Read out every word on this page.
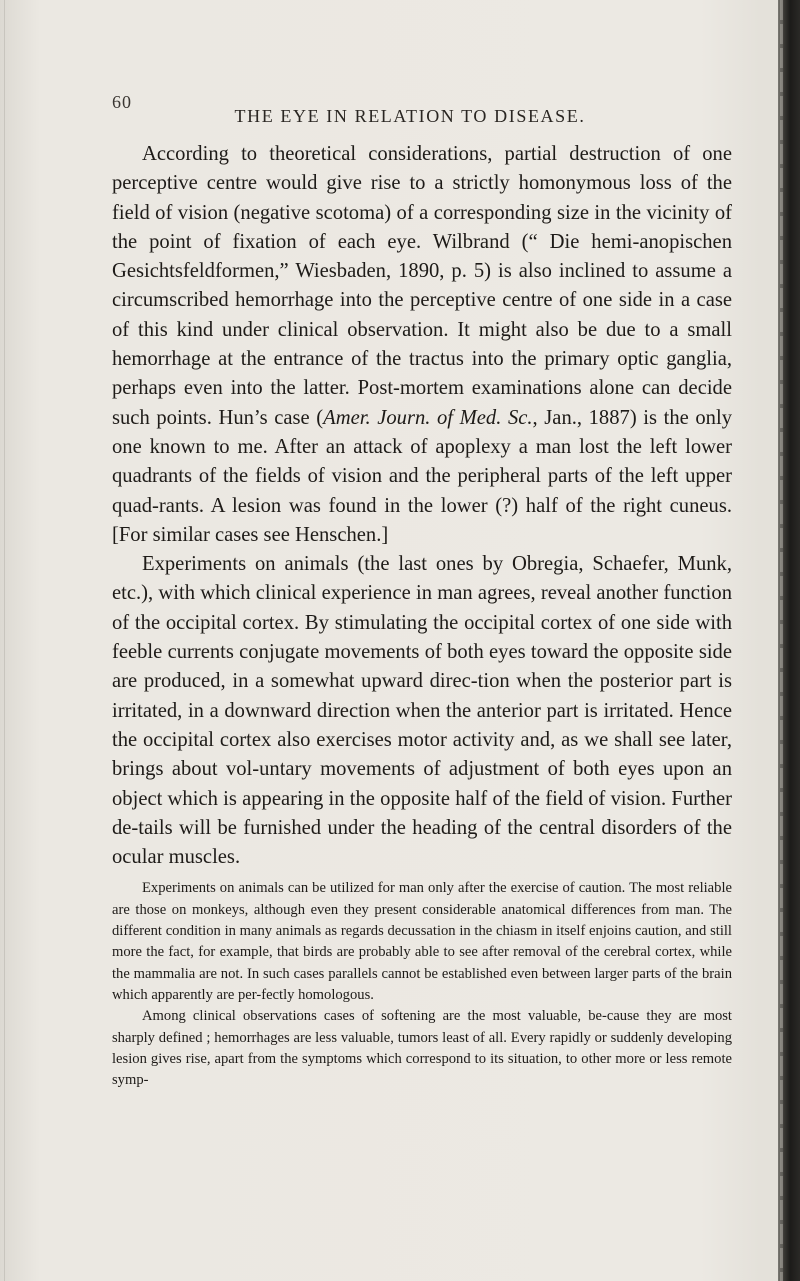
60
THE EYE IN RELATION TO DISEASE.

According to theoretical considerations, partial destruction of one perceptive centre would give rise to a strictly homonymous loss of the field of vision (negative scotoma) of a corresponding size in the vicinity of the point of fixation of each eye. Wilbrand (“ Die hemi-anopischen Gesichtsfeldformen,” Wiesbaden, 1890, p. 5) is also inclined to assume a circumscribed hemorrhage into the perceptive centre of one side in a case of this kind under clinical observation. It might also be due to a small hemorrhage at the entrance of the tractus into the primary optic ganglia, perhaps even into the latter. Post-mortem examinations alone can decide such points. Hun’s case (Amer. Journ. of Med. Sc., Jan., 1887) is the only one known to me. After an attack of apoplexy a man lost the left lower quadrants of the fields of vision and the peripheral parts of the left upper quad-rants. A lesion was found in the lower (?) half of the right cuneus. [For similar cases see Henschen.]

Experiments on animals (the last ones by Obregia, Schaefer, Munk, etc.), with which clinical experience in man agrees, reveal another function of the occipital cortex. By stimulating the occipital cortex of one side with feeble currents conjugate movements of both eyes toward the opposite side are produced, in a somewhat upward direc-tion when the posterior part is irritated, in a downward direction when the anterior part is irritated. Hence the occipital cortex also exercises motor activity and, as we shall see later, brings about vol-untary movements of adjustment of both eyes upon an object which is appearing in the opposite half of the field of vision. Further de-tails will be furnished under the heading of the central disorders of the ocular muscles.

Experiments on animals can be utilized for man only after the exercise of caution. The most reliable are those on monkeys, although even they present considerable anatomical differences from man. The different condition in many animals as regards decussation in the chiasm in itself enjoins caution, and still more the fact, for example, that birds are probably able to see after removal of the cerebral cortex, while the mammalia are not. In such cases parallels cannot be established even between larger parts of the brain which apparently are per-fectly homologous.

Among clinical observations cases of softening are the most valuable, be-cause they are most sharply defined ; hemorrhages are less valuable, tumors least of all. Every rapidly or suddenly developing lesion gives rise, apart from the symptoms which correspond to its situation, to other more or less remote symp-
